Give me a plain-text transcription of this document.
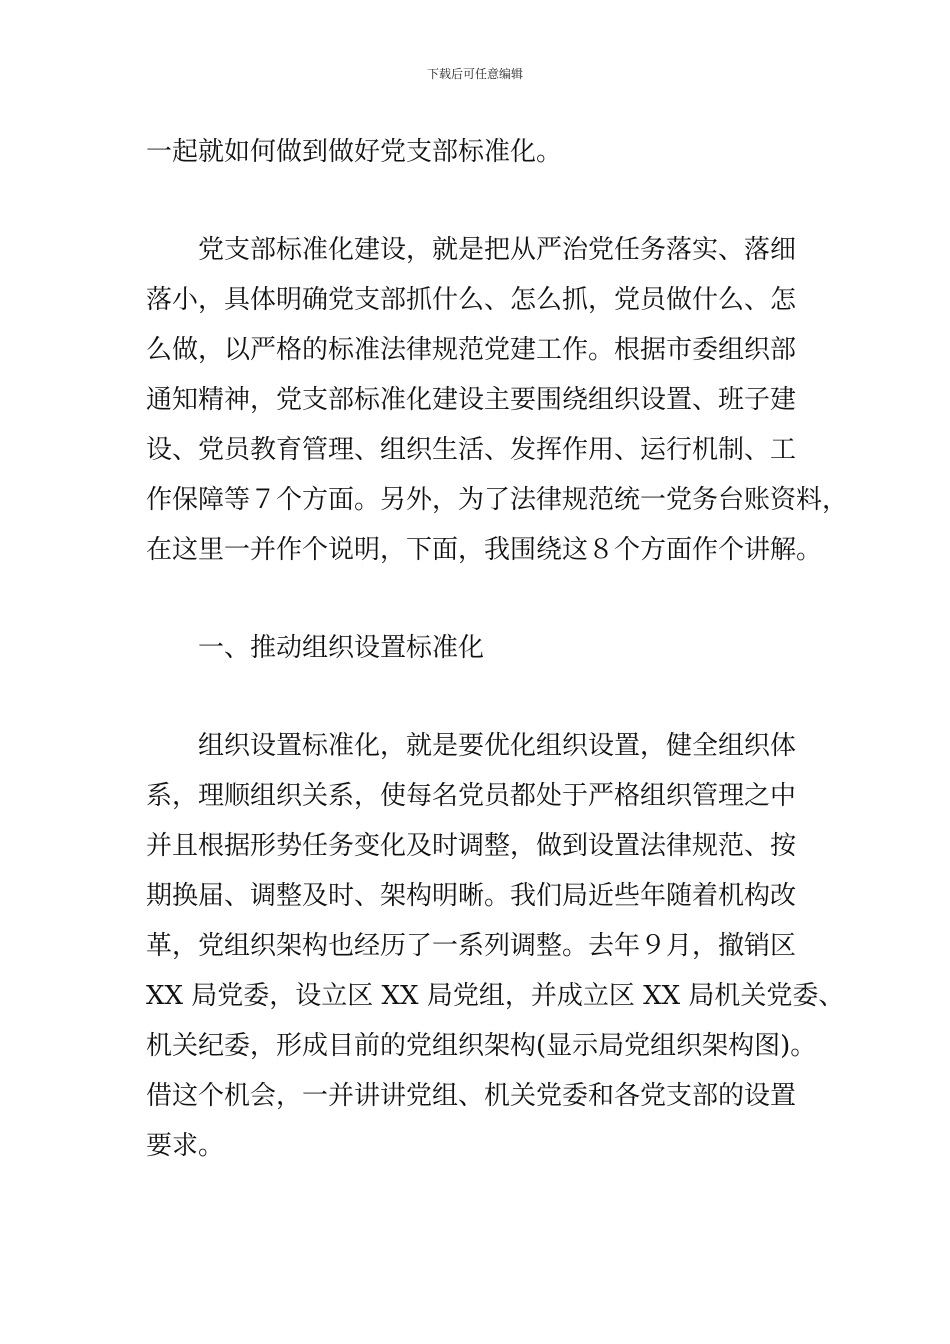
下载后可任意编辑
一起就如何做到做好党支部标准化。
党支部标准化建设，就是把从严治党任务落实、落细
落小，具体明确党支部抓什么、怎么抓，党员做什么、怎
么做，以严格的标准法律规范党建工作。根据市委组织部
通知精神，党支部标准化建设主要围绕组织设置、班子建
设、党员教育管理、组织生活、发挥作用、运行机制、工
作保障等７个方面。另外，为了法律规范统一党务台账资料，
在这里一并作个说明，下面，我围绕这８个方面作个讲解。
一、推动组织设置标准化
组织设置标准化，就是要优化组织设置，健全组织体
系，理顺组织关系，使每名党员都处于严格组织管理之中
并且根据形势任务变化及时调整，做到设置法律规范、按
期换届、调整及时、架构明晰。我们局近些年随着机构改
革，党组织架构也经历了一系列调整。去年９月，撤销区
XX 局党委，设立区 XX 局党组，并成立区 XX 局机关党委、
机关纪委，形成目前的党组织架构(显示局党组织架构图)。
借这个机会，一并讲讲党组、机关党委和各党支部的设置
要求。
